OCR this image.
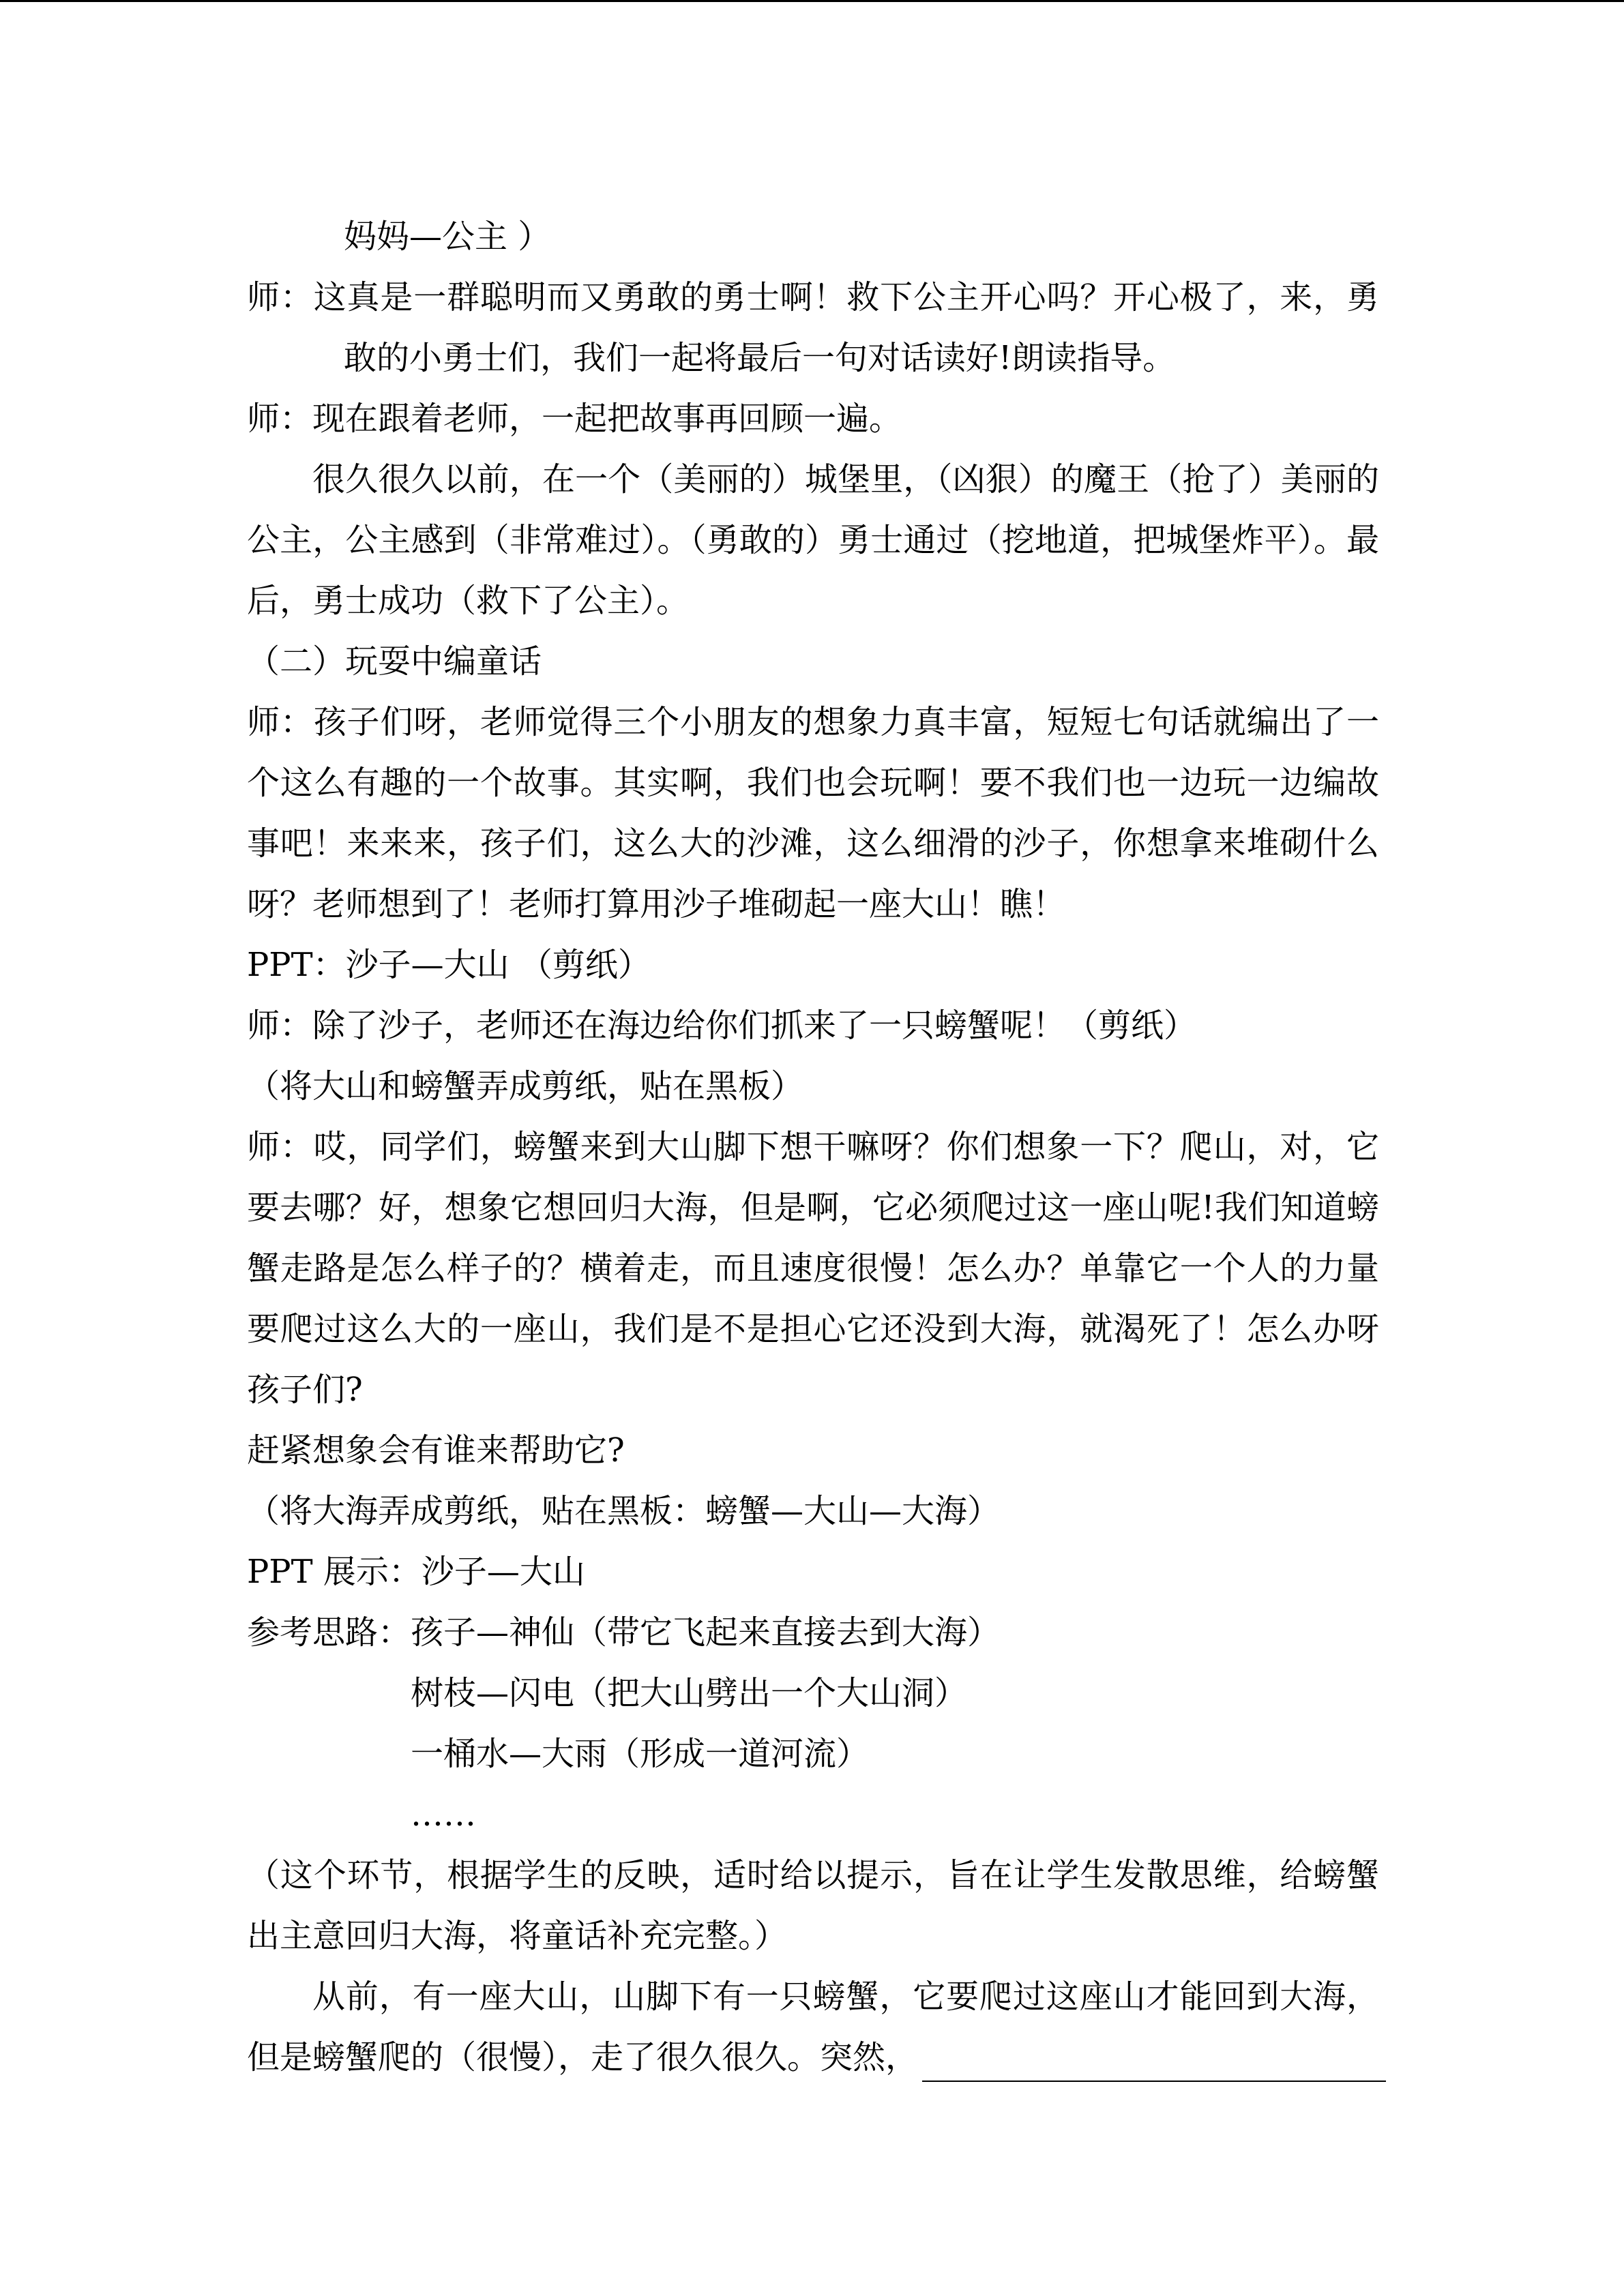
妈妈—公主 ）
师：这真是一群聪明而又勇敢的勇士啊！救下公主开心吗？开心极了，来，勇
敢的小勇士们，我们一起将最后一句对话读好!朗读指导。
师：现在跟着老师，一起把故事再回顾一遍。
很久很久以前，在一个（美丽的）城堡里，（凶狠）的魔王（抢了）美丽的
公主，公主感到（非常难过）。（勇敢的）勇士通过（挖地道，把城堡炸平）。最
后，勇士成功（救下了公主）。
（二）玩耍中编童话
师：孩子们呀，老师觉得三个小朋友的想象力真丰富，短短七句话就编出了一
个这么有趣的一个故事。其实啊，我们也会玩啊！要不我们也一边玩一边编故
事吧！来来来，孩子们，这么大的沙滩，这么细滑的沙子，你想拿来堆砌什么
呀？老师想到了！老师打算用沙子堆砌起一座大山！瞧！
PPT：沙子—大山 （剪纸）
师：除了沙子，老师还在海边给你们抓来了一只螃蟹呢！（剪纸）
（将大山和螃蟹弄成剪纸，贴在黑板）
师：哎，同学们，螃蟹来到大山脚下想干嘛呀？你们想象一下？爬山，对，它
要去哪？好，想象它想回归大海，但是啊，它必须爬过这一座山呢!我们知道螃
蟹走路是怎么样子的？横着走，而且速度很慢！怎么办？单靠它一个人的力量
要爬过这么大的一座山，我们是不是担心它还没到大海，就渴死了！怎么办呀
孩子们?
赶紧想象会有谁来帮助它?
（将大海弄成剪纸，贴在黑板：螃蟹—大山—大海）
PPT 展示：沙子—大山
参考思路：孩子—神仙（带它飞起来直接去到大海）
树枝—闪电（把大山劈出一个大山洞）
一桶水—大雨（形成一道河流）
……
（这个环节，根据学生的反映，适时给以提示，旨在让学生发散思维，给螃蟹
出主意回归大海，将童话补充完整。）
从前，有一座大山，山脚下有一只螃蟹，它要爬过这座山才能回到大海，
但是螃蟹爬的（很慢），走了很久很久。突然，
